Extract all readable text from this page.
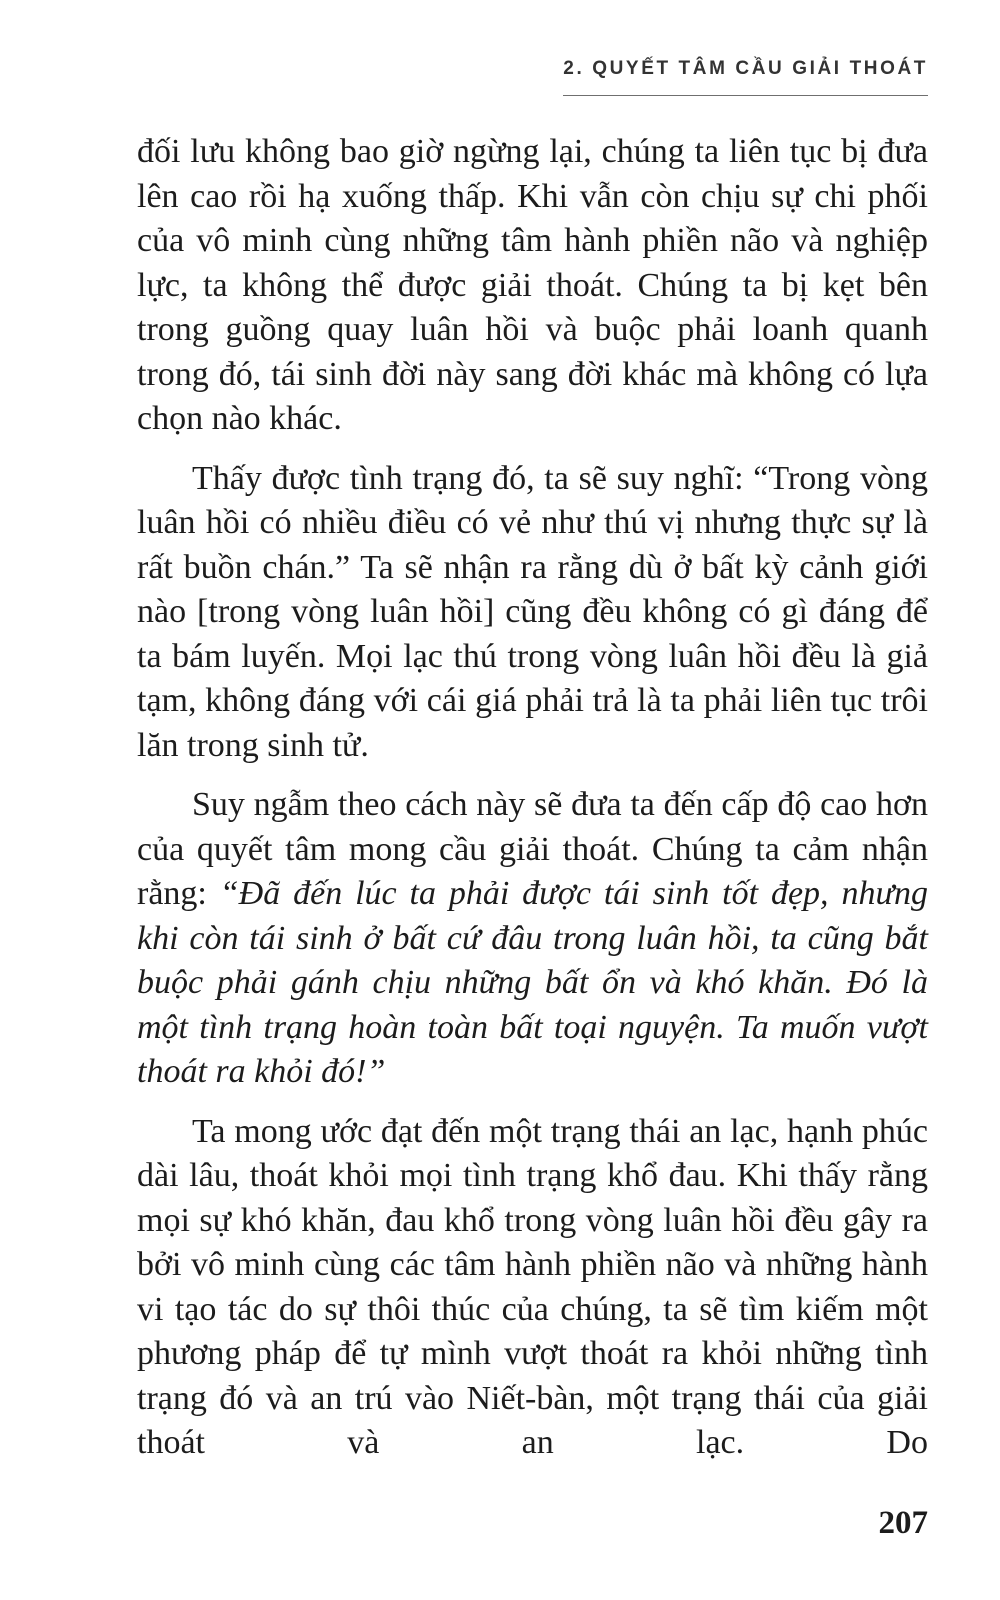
2. QUYẾT TÂM CẦU GIẢI THOÁT

đối lưu không bao giờ ngừng lại, chúng ta liên tục bị đưa lên cao rồi hạ xuống thấp. Khi vẫn còn chịu sự chi phối của vô minh cùng những tâm hành phiền não và nghiệp lực, ta không thể được giải thoát. Chúng ta bị kẹt bên trong guồng quay luân hồi và buộc phải loanh quanh trong đó, tái sinh đời này sang đời khác mà không có lựa chọn nào khác.

Thấy được tình trạng đó, ta sẽ suy nghĩ: “Trong vòng luân hồi có nhiều điều có vẻ như thú vị nhưng thực sự là rất buồn chán.” Ta sẽ nhận ra rằng dù ở bất kỳ cảnh giới nào [trong vòng luân hồi] cũng đều không có gì đáng để ta bám luyến. Mọi lạc thú trong vòng luân hồi đều là giả tạm, không đáng với cái giá phải trả là ta phải liên tục trôi lăn trong sinh tử.

Suy ngẫm theo cách này sẽ đưa ta đến cấp độ cao hơn của quyết tâm mong cầu giải thoát. Chúng ta cảm nhận rằng: “Đã đến lúc ta phải được tái sinh tốt đẹp, nhưng khi còn tái sinh ở bất cứ đâu trong luân hồi, ta cũng bắt buộc phải gánh chịu những bất ổn và khó khăn. Đó là một tình trạng hoàn toàn bất toại nguyện. Ta muốn vượt thoát ra khỏi đó!”

Ta mong ước đạt đến một trạng thái an lạc, hạnh phúc dài lâu, thoát khỏi mọi tình trạng khổ đau. Khi thấy rằng mọi sự khó khăn, đau khổ trong vòng luân hồi đều gây ra bởi vô minh cùng các tâm hành phiền não và những hành vi tạo tác do sự thôi thúc của chúng, ta sẽ tìm kiếm một phương pháp để tự mình vượt thoát ra khỏi những tình trạng đó và an trú vào Niết-bàn, một trạng thái của giải thoát và an lạc. Do

207
